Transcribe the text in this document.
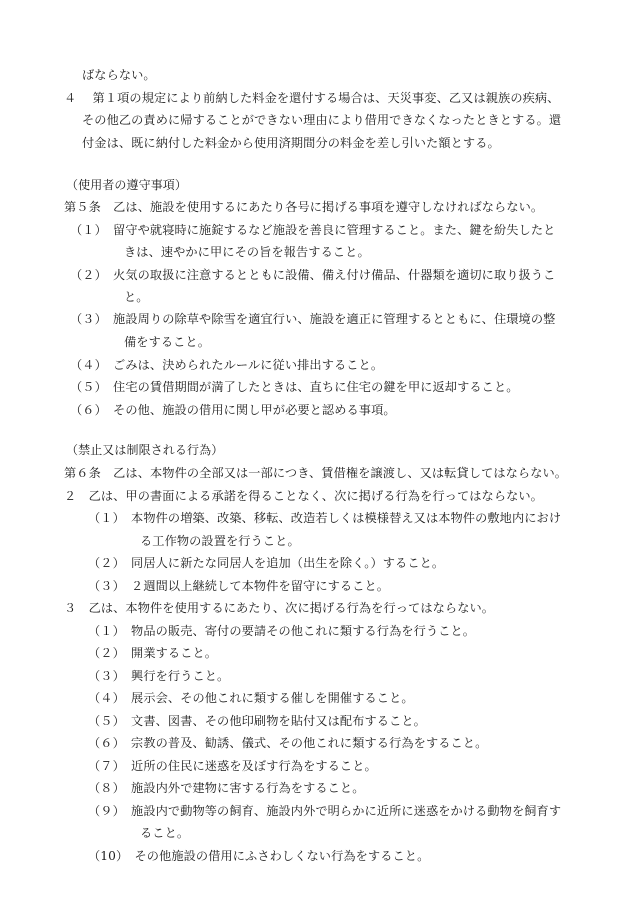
ばならない。
４　 第１項の規定により前納した料金を還付する場合は、天災事変、乙又は親族の疾病、
その他乙の責めに帰することができない理由により借用できなくなったときとする。還
付金は、既に納付した料金から使用済期間分の料金を差し引いた額とする。
（使用者の遵守事項）
第５条　乙は、施設を使用するにあたり各号に掲げる事項を遵守しなければならない。
（１）　留守や就寝時に施錠するなど施設を善良に管理すること。また、鍵を紛失したと
きは、速やかに甲にその旨を報告すること。
（２）　火気の取扱に注意するとともに設備、備え付け備品、什器類を適切に取り扱うこ
と。
（３）　施設周りの除草や除雪を適宜行い、施設を適正に管理するとともに、住環境の整
備をすること。
（４）　ごみは、決められたルールに従い排出すること。
（５）　住宅の賃借期間が満了したときは、直ちに住宅の鍵を甲に返却すること。
（６）　その他、施設の借用に関し甲が必要と認める事項。
（禁止又は制限される行為）
第６条　乙は、本物件の全部又は一部につき、賃借権を譲渡し、又は転貸してはならない。
２　乙は、甲の書面による承諾を得ることなく、次に掲げる行為を行ってはならない。
（１）　本物件の増築、改築、移転、改造若しくは模様替え又は本物件の敷地内におけ
る工作物の設置を行うこと。
（２）　同居人に新たな同居人を追加（出生を除く。）すること。
（３）　２週間以上継続して本物件を留守にすること。
３　乙は、本物件を使用するにあたり、次に掲げる行為を行ってはならない。
（１）　物品の販売、寄付の要請その他これに類する行為を行うこと。
（２）　開業すること。
（３）　興行を行うこと。
（４）　展示会、その他これに類する催しを開催すること。
（５）　文書、図書、その他印刷物を貼付又は配布すること。
（６）　宗教の普及、勧誘、儀式、その他これに類する行為をすること。
（７）　近所の住民に迷惑を及ぼす行為をすること。
（８）　施設内外で建物に害する行為をすること。
（９）　施設内で動物等の飼育、施設内外で明らかに近所に迷惑をかける動物を飼育す
ること。
（10）　その他施設の借用にふさわしくない行為をすること。
